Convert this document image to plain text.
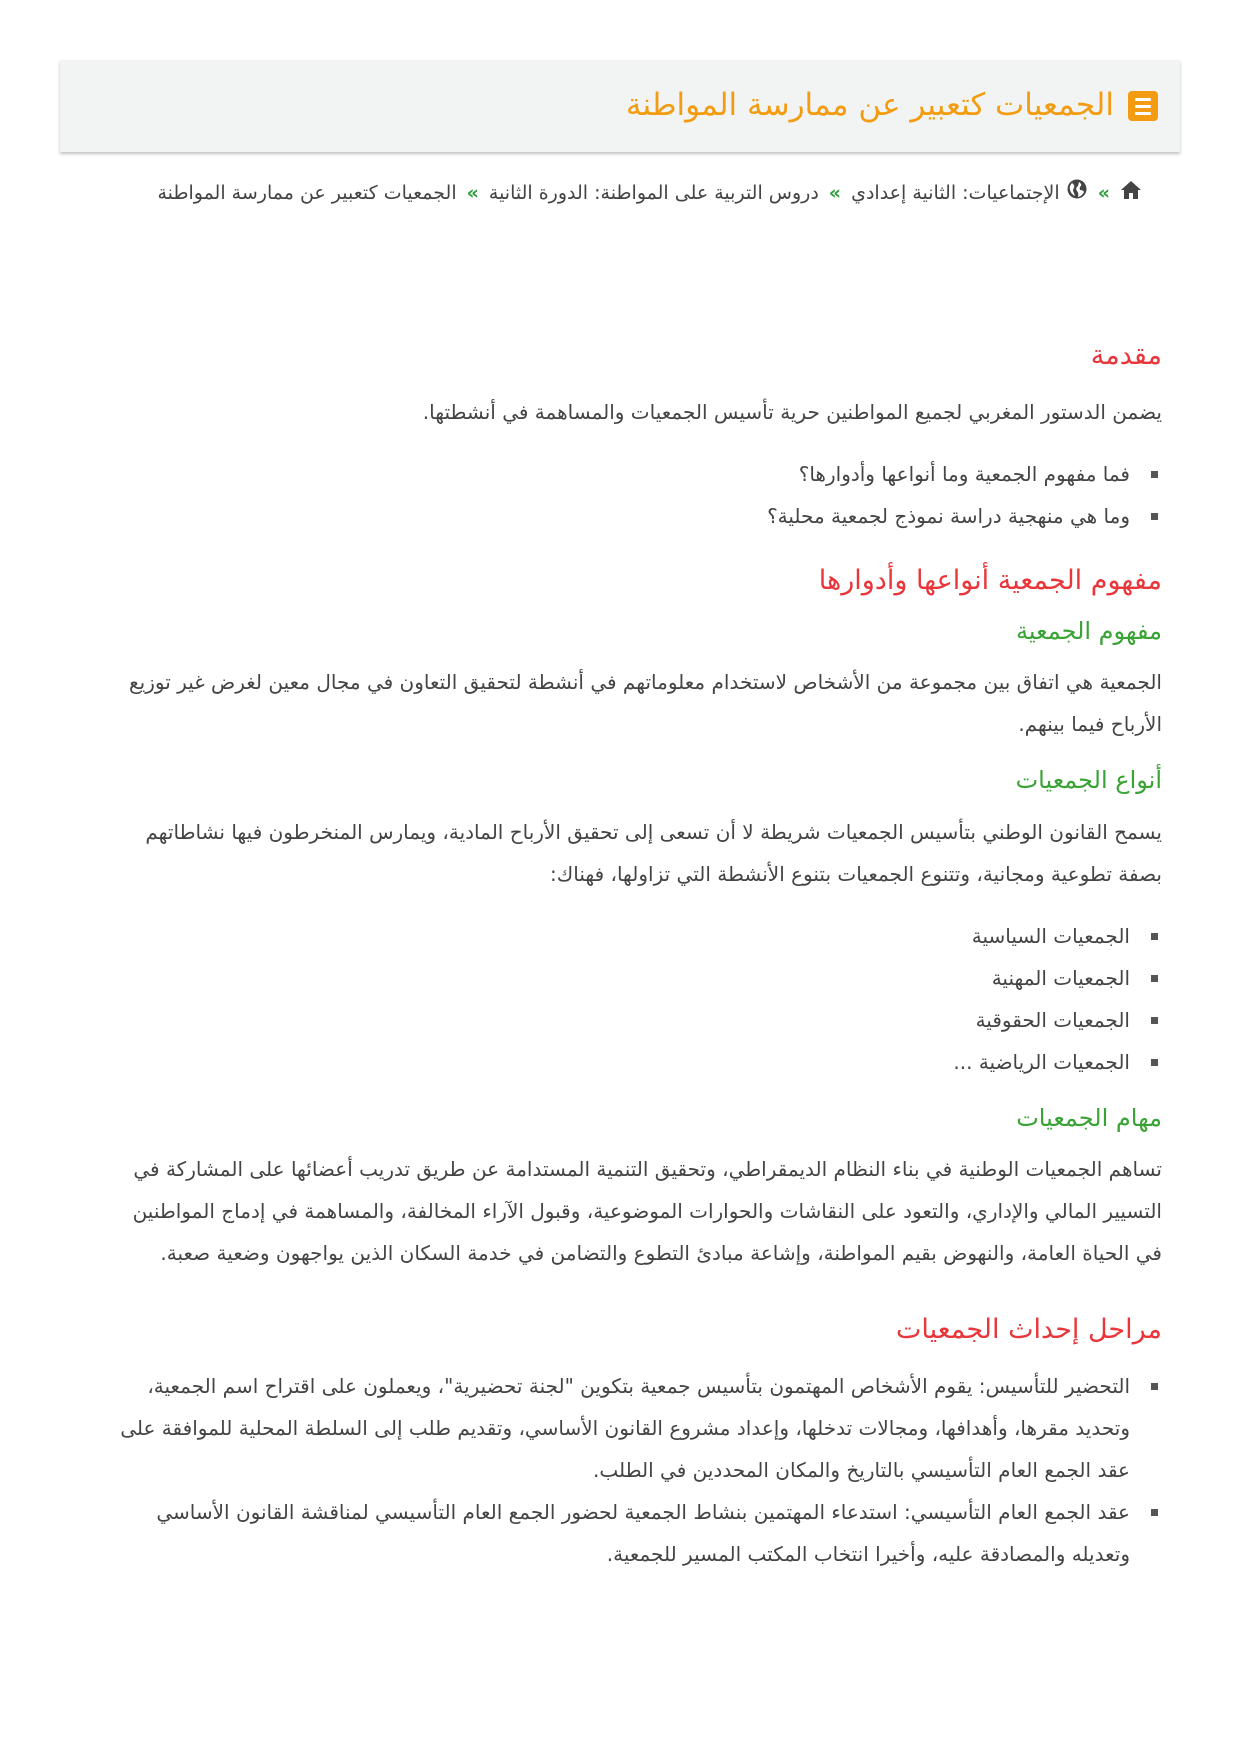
الجمعيات كتعبير عن ممارسة المواطنة
» الإجتماعيات: الثانية إعدادي»دروس التربية على المواطنة: الدورة الثانية»الجمعيات كتعبير عن ممارسة المواطنة
مقدمة

يضمن الدستور المغربي لجميع المواطنين حرية تأسيس الجمعيات والمساهمة في أنشطتها.

فما مفهوم الجمعية وما أنواعها وأدوارها؟
وما هي منهجية دراسة نموذج لجمعية محلية؟
مفهوم الجمعية أنواعها وأدوارها
مفهوم الجمعية

الجمعية هي اتفاق بين مجموعة من الأشخاص لاستخدام معلوماتهم في أنشطة لتحقيق التعاون في مجال معين لغرض غير توزيع الأرباح فيما بينهم.

أنواع الجمعيات

يسمح القانون الوطني بتأسيس الجمعيات شريطة لا أن تسعى إلى تحقيق الأرباح المادية، ويمارس المنخرطون فيها نشاطاتهم بصفة تطوعية ومجانية، وتتنوع الجمعيات بتنوع الأنشطة التي تزاولها، فهناك:

الجمعيات السياسية
الجمعيات المهنية
الجمعيات الحقوقية
الجمعيات الرياضية ...
مهام الجمعيات

تساهم الجمعيات الوطنية في بناء النظام الديمقراطي، وتحقيق التنمية المستدامة عن طريق تدريب أعضائها على المشاركة في التسيير المالي والإداري، والتعود على النقاشات والحوارات الموضوعية، وقبول الآراء المخالفة، والمساهمة في إدماج المواطنين في الحياة العامة، والنهوض بقيم المواطنة، وإشاعة مبادئ التطوع والتضامن في خدمة السكان الذين يواجهون وضعية صعبة.

مراحل إحداث الجمعيات
التحضير للتأسيس: يقوم الأشخاص المهتمون بتأسيس جمعية بتكوين "لجنة تحضيرية"، ويعملون على اقتراح اسم الجمعية، وتحديد مقرها، وأهدافها، ومجالات تدخلها، وإعداد مشروع القانون الأساسي، وتقديم طلب إلى السلطة المحلية للموافقة على عقد الجمع العام التأسيسي بالتاريخ والمكان المحددين في الطلب.
عقد الجمع العام التأسيسي: استدعاء المهتمين بنشاط الجمعية لحضور الجمع العام التأسيسي لمناقشة القانون الأساسي وتعديله والمصادقة عليه، وأخيرا انتخاب المكتب المسير للجمعية.
